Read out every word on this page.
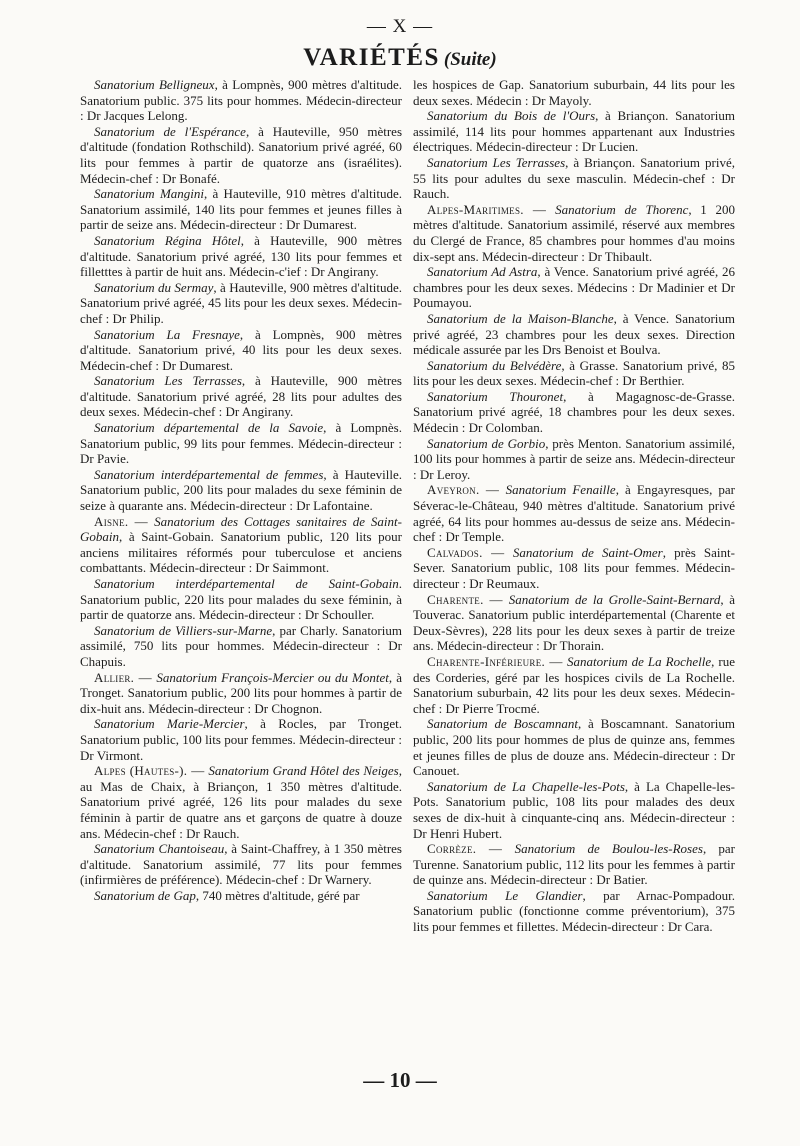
— X —
VARIÉTÉS (Suite)

Sanatorium Belligneux, à Lompnès, 900 mètres d'altitude. Sanatorium public. 375 lits pour hommes. Médecin-directeur : Dr Jacques Lelong.

Sanatorium de l'Espérance, à Hauteville, 950 mètres d'altitude (fondation Rothschild). Sanatorium privé agréé, 60 lits pour femmes à partir de quatorze ans (israélites). Médecin-chef : Dr Bonafé.

Sanatorium Mangini, à Hauteville, 910 mètres d'altitude. Sanatorium assimilé, 140 lits pour femmes et jeunes filles à partir de seize ans. Médecin-directeur : Dr Dumarest.

Sanatorium Régina Hôtel, à Hauteville, 900 mètres d'altitude. Sanatorium privé agréé, 130 lits pour femmes et filletttes à partir de huit ans. Médecin-c'ief : Dr Angirany.

Sanatorium du Sermay, à Hauteville, 900 mètres d'altitude. Sanatorium privé agréé, 45 lits pour les deux sexes. Médecin-chef : Dr Philip.

Sanatorium La Fresnaye, à Lompnès, 900 mètres d'altitude. Sanatorium privé, 40 lits pour les deux sexes. Médecin-chef : Dr Dumarest.

Sanatorium Les Terrasses, à Hauteville, 900 mètres d'altitude. Sanatorium privé agréé, 28 lits pour adultes des deux sexes. Médecin-chef : Dr Angirany.

Sanatorium départemental de la Savoie, à Lompnès. Sanatorium public, 99 lits pour femmes. Médecin-directeur : Dr Pavie.

Sanatorium interdépartemental de femmes, à Hauteville. Sanatorium public, 200 lits pour malades du sexe féminin de seize à quarante ans. Médecin-directeur : Dr Lafontaine.

Aisne. — Sanatorium des Cottages sanitaires de Saint-Gobain, à Saint-Gobain. Sanatorium public, 120 lits pour anciens militaires réformés pour tuberculose et anciens combattants. Médecin-directeur : Dr Saimmont.

Sanatorium interdépartemental de Saint-Gobain. Sanatorium public, 220 lits pour malades du sexe féminin, à partir de quatorze ans. Médecin-directeur : Dr Schouller.

Sanatorium de Villiers-sur-Marne, par Charly. Sanatorium assimilé, 750 lits pour hommes. Médecin-directeur : Dr Chapuis.

Allier. — Sanatorium François-Mercier ou du Montet, à Tronget. Sanatorium public, 200 lits pour hommes à partir de dix-huit ans. Médecin-directeur : Dr Chognon.

Sanatorium Marie-Mercier, à Rocles, par Tronget. Sanatorium public, 100 lits pour femmes. Médecin-directeur : Dr Virmont.

Alpes (Hautes-). — Sanatorium Grand Hôtel des Neiges, au Mas de Chaix, à Briançon, 1 350 mètres d'altitude. Sanatorium privé agréé, 126 lits pour malades du sexe féminin à partir de quatre ans et garçons de quatre à douze ans. Médecin-chef : Dr Rauch.

Sanatorium Chantoiseau, à Saint-Chaffrey, à 1 350 mètres d'altitude. Sanatorium assimilé, 77 lits pour femmes (infirmières de préférence). Médecin-chef : Dr Warnery.

Sanatorium de Gap, 740 mètres d'altitude, géré par

les hospices de Gap. Sanatorium suburbain, 44 lits pour les deux sexes. Médecin : Dr Mayoly.

Sanatorium du Bois de l'Ours, à Briançon. Sanatorium assimilé, 114 lits pour hommes appartenant aux Industries électriques. Médecin-directeur : Dr Lucien.

Sanatorium Les Terrasses, à Briançon. Sanatorium privé, 55 lits pour adultes du sexe masculin. Médecin-chef : Dr Rauch.

Alpes-Maritimes. — Sanatorium de Thorenc, 1 200 mètres d'altitude. Sanatorium assimilé, réservé aux membres du Clergé de France, 85 chambres pour hommes d'au moins dix-sept ans. Médecin-directeur : Dr Thibault.

Sanatorium Ad Astra, à Vence. Sanatorium privé agréé, 26 chambres pour les deux sexes. Médecins : Dr Madinier et Dr Poumayou.

Sanatorium de la Maison-Blanche, à Vence. Sanatorium privé agréé, 23 chambres pour les deux sexes. Direction médicale assurée par les Drs Benoist et Boulva.

Sanatorium du Belvédère, à Grasse. Sanatorium privé, 85 lits pour les deux sexes. Médecin-chef : Dr Berthier.

Sanatorium Thouronet, à Magagnosc-de-Grasse. Sanatorium privé agréé, 18 chambres pour les deux sexes. Médecin : Dr Colomban.

Sanatorium de Gorbio, près Menton. Sanatorium assimilé, 100 lits pour hommes à partir de seize ans. Médecin-directeur : Dr Leroy.

Aveyron. — Sanatorium Fenaille, à Engayresques, par Séverac-le-Château, 940 mètres d'altitude. Sanatorium privé agréé, 64 lits pour hommes au-dessus de seize ans. Médecin-chef : Dr Temple.

Calvados. — Sanatorium de Saint-Omer, près Saint-Sever. Sanatorium public, 108 lits pour femmes. Médecin-directeur : Dr Reumaux.

Charente. — Sanatorium de la Grolle-Saint-Bernard, à Touverac. Sanatorium public interdépartemental (Charente et Deux-Sèvres), 228 lits pour les deux sexes à partir de treize ans. Médecin-directeur : Dr Thorain.

Charente-Inférieure. — Sanatorium de La Rochelle, rue des Corderies, géré par les hospices civils de La Rochelle. Sanatorium suburbain, 42 lits pour les deux sexes. Médecin-chef : Dr Pierre Trocmé.

Sanatorium de Boscamnant, à Boscamnant. Sanatorium public, 200 lits pour hommes de plus de quinze ans, femmes et jeunes filles de plus de douze ans. Médecin-directeur : Dr Canouet.

Sanatorium de La Chapelle-les-Pots, à La Chapelle-les-Pots. Sanatorium public, 108 lits pour malades des deux sexes de dix-huit à cinquante-cinq ans. Médecin-directeur : Dr Henri Hubert.

Corrèze. — Sanatorium de Boulou-les-Roses, par Turenne. Sanatorium public, 112 lits pour les femmes à partir de quinze ans. Médecin-directeur : Dr Batier.

Sanatorium Le Glandier, par Arnac-Pompadour. Sanatorium public (fonctionne comme préventorium), 375 lits pour femmes et fillettes. Médecin-directeur : Dr Cara.

— 10 —
